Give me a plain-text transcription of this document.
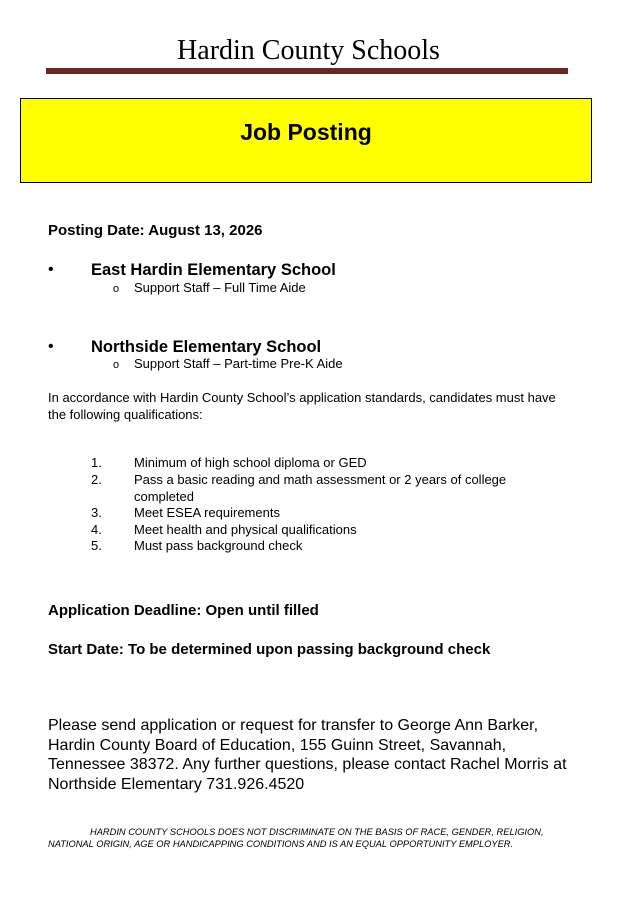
Hardin County Schools
Job Posting
Posting Date: August 13, 2026
• East Hardin Elementary School
o Support Staff – Full Time Aide
• Northside Elementary School
o Support Staff – Part-time Pre-K Aide
In accordance with Hardin County School’s application standards, candidates must have the following qualifications:
1. Minimum of high school diploma or GED
2. Pass a basic reading and math assessment or 2 years of college completed
3. Meet ESEA requirements
4. Meet health and physical qualifications
5. Must pass background check
Application Deadline: Open until filled
Start Date: To be determined upon passing background check
Please send application or request for transfer to George Ann Barker, Hardin County Board of Education, 155 Guinn Street, Savannah, Tennessee 38372. Any further questions, please contact Rachel Morris at Northside Elementary 731.926.4520
HARDIN COUNTY SCHOOLS DOES NOT DISCRIMINATE ON THE BASIS OF RACE, GENDER, RELIGION, NATIONAL ORIGIN, AGE OR HANDICAPPING CONDITIONS AND IS AN EQUAL OPPORTUNITY EMPLOYER.
